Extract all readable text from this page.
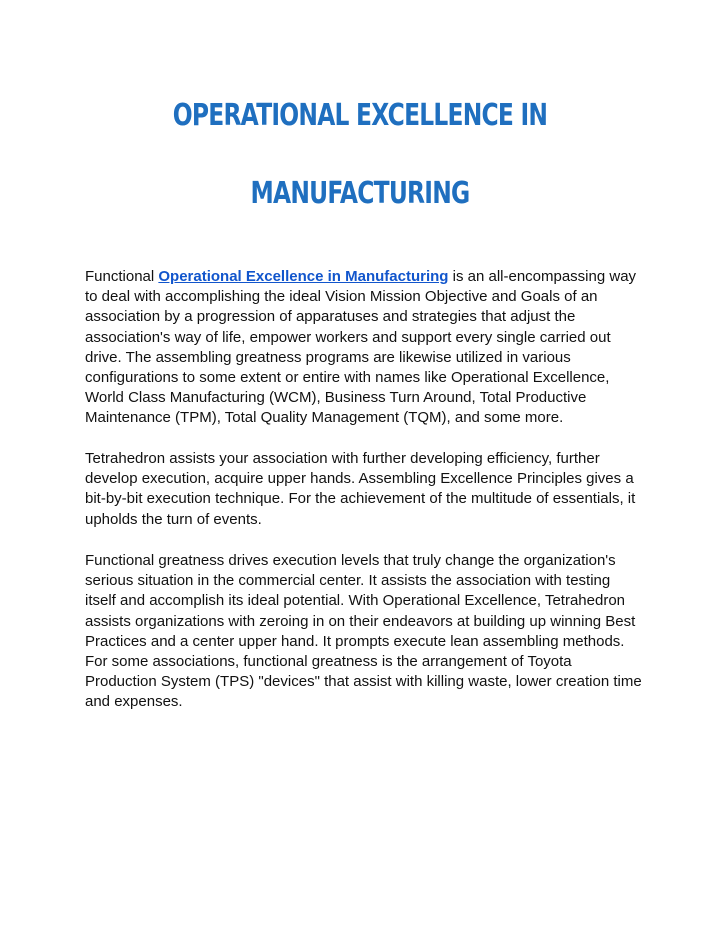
OPERATIONAL EXCELLENCE IN
MANUFACTURING

Functional Operational Excellence in Manufacturing is an all-encompassing way to deal with accomplishing the ideal Vision Mission Objective and Goals of an association by a progression of apparatuses and strategies that adjust the association's way of life, empower workers and support every single carried out drive. The assembling greatness programs are likewise utilized in various configurations to some extent or entire with names like Operational Excellence, World Class Manufacturing (WCM), Business Turn Around, Total Productive Maintenance (TPM), Total Quality Management (TQM), and some more.

Tetrahedron assists your association with further developing efficiency, further develop execution, acquire upper hands. Assembling Excellence Principles gives a bit-by-bit execution technique. For the achievement of the multitude of essentials, it upholds the turn of events.

Functional greatness drives execution levels that truly change the organization's serious situation in the commercial center. It assists the association with testing itself and accomplish its ideal potential. With Operational Excellence, Tetrahedron assists organizations with zeroing in on their endeavors at building up winning Best Practices and a center upper hand. It prompts execute lean assembling methods. For some associations, functional greatness is the arrangement of Toyota Production System (TPS) "devices" that assist with killing waste, lower creation time and expenses.
